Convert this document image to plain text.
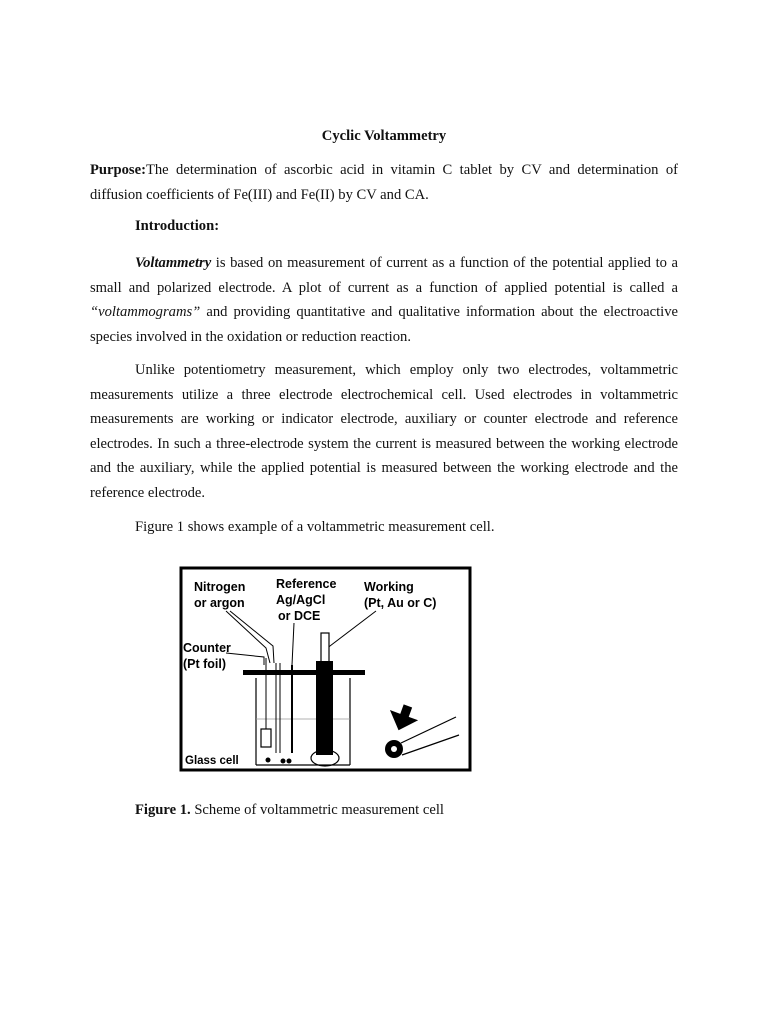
Cyclic Voltammetry
Purpose:The determination of ascorbic acid in vitamin C tablet by CV and determination of diffusion coefficients of Fe(III) and Fe(II) by CV and CA.
Introduction:
Voltammetry is based on measurement of current as a function of the potential applied to a small and polarized electrode. A plot of current as a function of applied potential is called a “voltammograms” and providing quantitative and qualitative information about the electroactive species involved in the oxidation or reduction reaction.
Unlike potentiometry measurement, which employ only two electrodes, voltammetric measurements utilize a three electrode electrochemical cell. Used electrodes in voltammetric measurements are working or indicator electrode, auxiliary or counter electrode and reference electrodes. In such a three-electrode system the current is measured between the working electrode and the auxiliary, while the applied potential is measured between the working electrode and the reference electrode.
Figure 1 shows example of a voltammetric measurement cell.
Nitrogen
or argon
Reference
Ag/AgCl
or DCE
Working
(Pt, Au or C)
Counter
(Pt foil)
Glass cell
Figure 1. Scheme of voltammetric measurement cell
